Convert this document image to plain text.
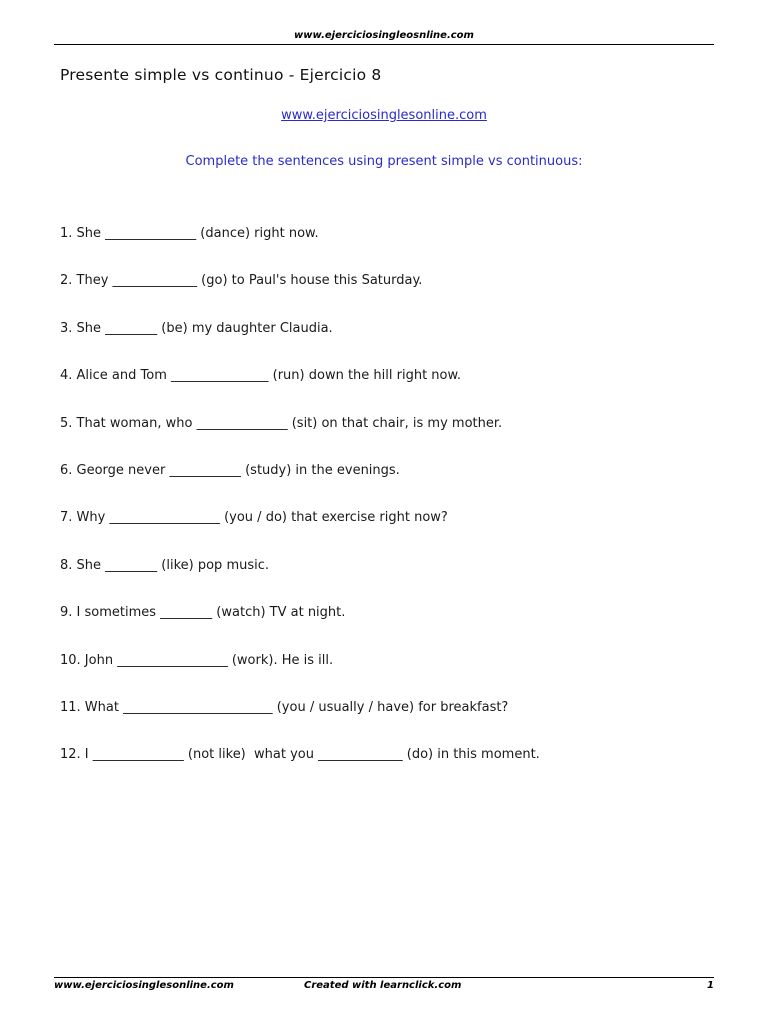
www.ejerciciosingleosnline.com
Presente simple vs continuo - Ejercicio 8
www.ejerciciosinglesonline.com
Complete the sentences using present simple vs continuous:
1. She ______________ (dance) right now.
2. They _____________ (go) to Paul's house this Saturday.
3. She ________ (be) my daughter Claudia.
4. Alice and Tom _______________ (run) down the hill right now.
5. That woman, who ______________ (sit) on that chair, is my mother.
6. George never ___________ (study) in the evenings.
7. Why _________________ (you / do) that exercise right now?
8. She ________ (like) pop music.
9. I sometimes ________ (watch) TV at night.
10. John _________________ (work). He is ill.
11. What _______________________ (you / usually / have) for breakfast?
12. I ______________ (not like)  what you _____________ (do) in this moment.
www.ejerciciosinglesonline.com	Created with learnclick.com	1
